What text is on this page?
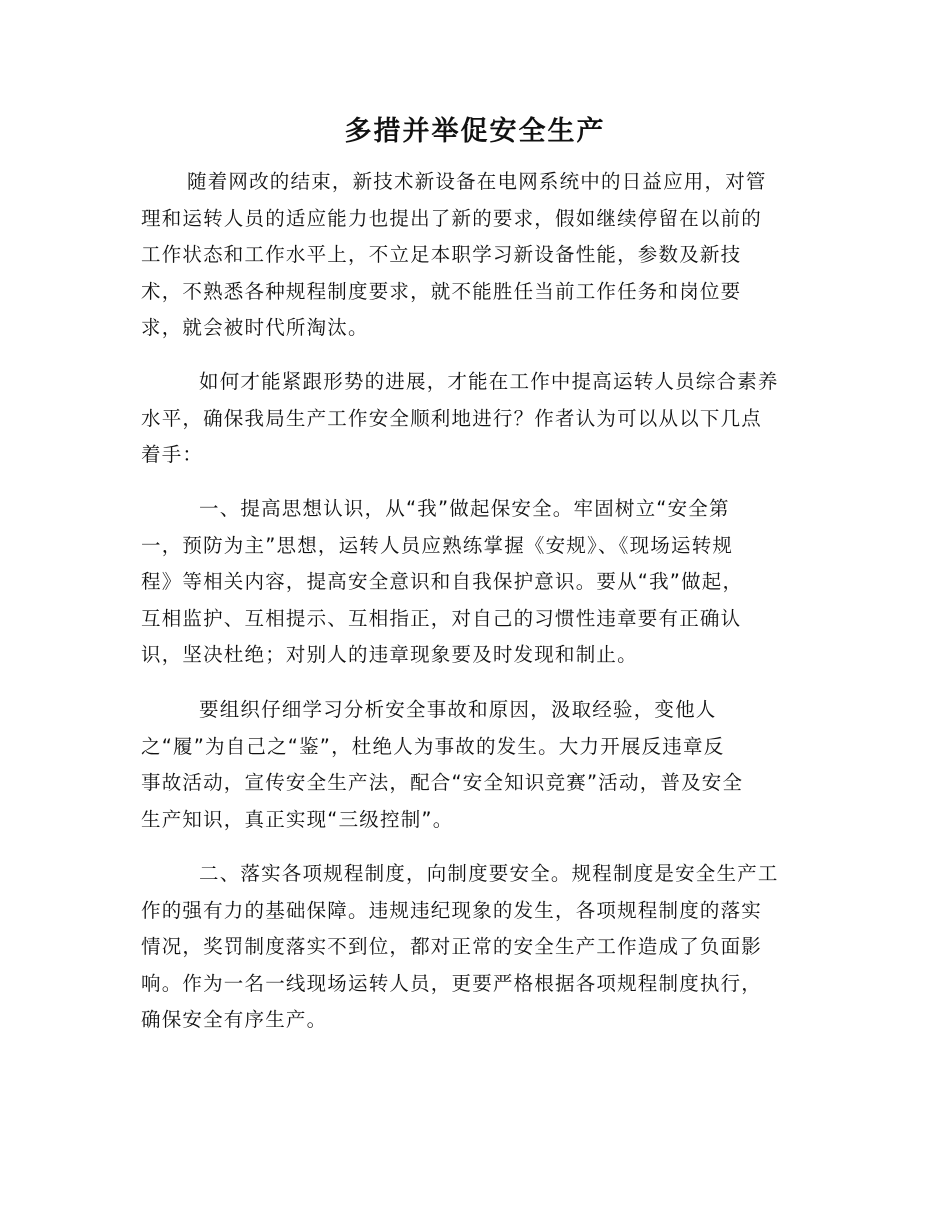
多措并举促安全生产
随着网改的结束，新技术新设备在电网系统中的日益应用，对管
理和运转人员的适应能力也提出了新的要求，假如继续停留在以前的
工作状态和工作水平上，不立足本职学习新设备性能，参数及新技
术，不熟悉各种规程制度要求，就不能胜任当前工作任务和岗位要
求，就会被时代所淘汰。
如何才能紧跟形势的进展，才能在工作中提高运转人员综合素养
水平，确保我局生产工作安全顺利地进行？作者认为可以从以下几点
着手：
一、提高思想认识，从“我”做起保安全。牢固树立“安全第
一，预防为主”思想，运转人员应熟练掌握《安规》、《现场运转规
程》等相关内容，提高安全意识和自我保护意识。要从“我”做起，
互相监护、互相提示、互相指正，对自己的习惯性违章要有正确认
识，坚决杜绝；对别人的违章现象要及时发现和制止。
要组织仔细学习分析安全事故和原因，汲取经验，变他人
之“履”为自己之“鉴”，杜绝人为事故的发生。大力开展反违章反
事故活动，宣传安全生产法，配合“安全知识竞赛”活动，普及安全
生产知识，真正实现“三级控制”。
二、落实各项规程制度，向制度要安全。规程制度是安全生产工
作的强有力的基础保障。违规违纪现象的发生，各项规程制度的落实
情况，奖罚制度落实不到位，都对正常的安全生产工作造成了负面影
响。作为一名一线现场运转人员，更要严格根据各项规程制度执行，
确保安全有序生产。
